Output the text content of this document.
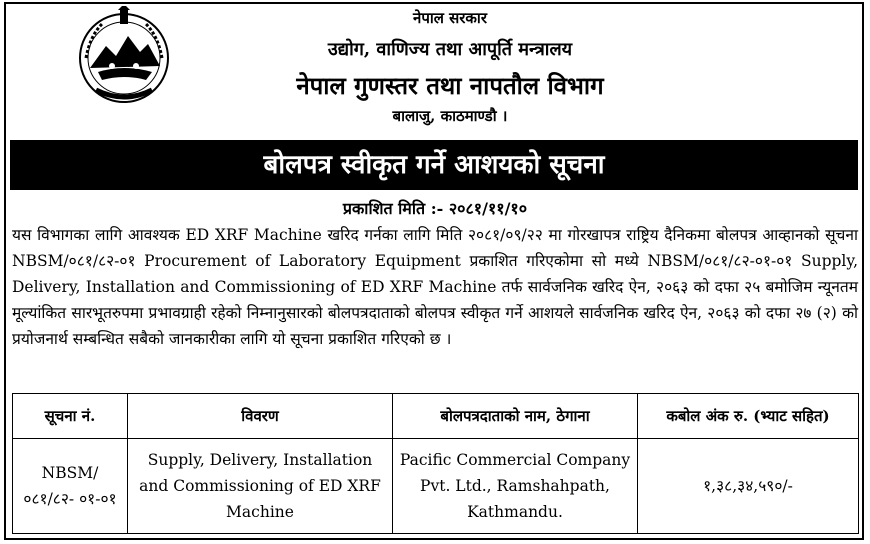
नेपाल सरकार
उद्योग, वाणिज्य तथा आपूर्ति मन्त्रालय
नेपाल गुणस्तर तथा नापतौल विभाग
बालाजु, काठमाण्डौ ।
बोलपत्र स्वीकृत गर्ने आशयको सूचना
प्रकाशित मिति :- २०८१/११/१०
यस विभागका लागि आवश्यक ED XRF Machine खरिद गर्नका लागि मिति २०८१/०९/२२ मा गोरखापत्र राष्ट्रिय दैनिकमा बोलपत्र आव्हानको सूचना NBSM/०८१/८२-०१ Procurement of Laboratory Equipment प्रकाशित गरिएकोमा सो मध्ये NBSM/०८१/८२-०१-०१ Supply, Delivery, Installation and Commissioning of ED XRF Machine तर्फ सार्वजनिक खरिद ऐन, २०६३ को दफा २५ बमोजिम न्यूनतम मूल्यांकित सारभूतरुपमा प्रभावग्राही रहेको निम्नानुसारको बोलपत्रदाताको बोलपत्र स्वीकृत गर्ने आशयले सार्वजनिक खरिद ऐन, २०६३ को दफा २७ (२) को प्रयोजनार्थ सम्बन्धित सबैको जानकारीका लागि यो सूचना प्रकाशित गरिएको छ ।
सूचना नं.	विवरण	बोलपत्रदाताको नाम, ठेगाना	कबोल अंक रु. (भ्याट सहित)
NBSM/ ०८१/८२- ०१-०१	Supply, Delivery, Installation and Commissioning of ED XRF Machine	Pacific Commercial Company Pvt. Ltd., Ramshahpath, Kathmandu.	१,३८,३४,५९०/-
